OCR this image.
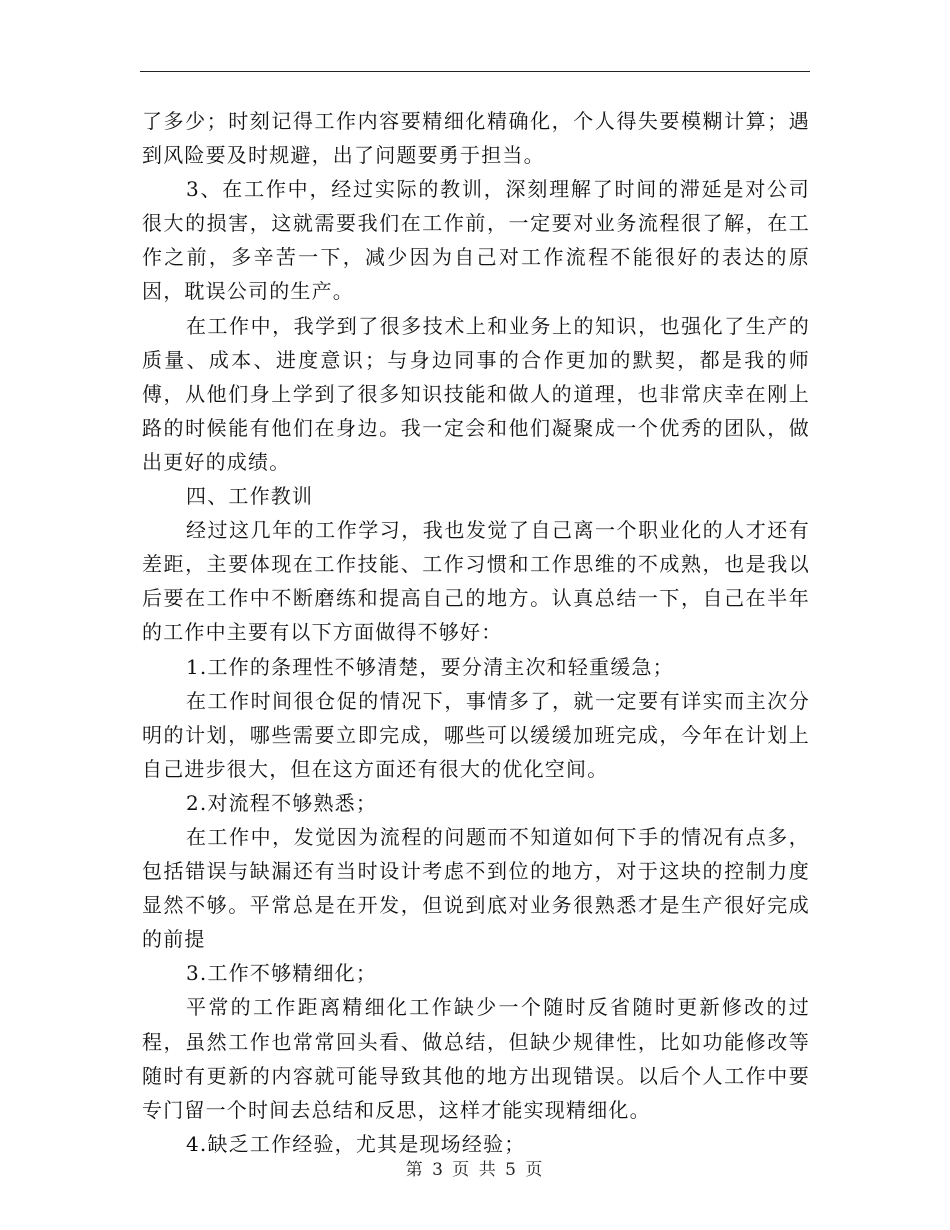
了多少；时刻记得工作内容要精细化精确化，个人得失要模糊计算；遇到风险要及时规避，出了问题要勇于担当。

3、在工作中，经过实际的教训，深刻理解了时间的滞延是对公司很大的损害，这就需要我们在工作前，一定要对业务流程很了解，在工作之前，多辛苦一下，减少因为自己对工作流程不能很好的表达的原因，耽误公司的生产。

在工作中，我学到了很多技术上和业务上的知识，也强化了生产的质量、成本、进度意识；与身边同事的合作更加的默契，都是我的师傅，从他们身上学到了很多知识技能和做人的道理，也非常庆幸在刚上路的时候能有他们在身边。我一定会和他们凝聚成一个优秀的团队，做出更好的成绩。

四、工作教训

经过这几年的工作学习，我也发觉了自己离一个职业化的人才还有差距，主要体现在工作技能、工作习惯和工作思维的不成熟，也是我以后要在工作中不断磨练和提高自己的地方。认真总结一下，自己在半年的工作中主要有以下方面做得不够好：

1.工作的条理性不够清楚，要分清主次和轻重缓急；

在工作时间很仓促的情况下，事情多了，就一定要有详实而主次分明的计划，哪些需要立即完成，哪些可以缓缓加班完成，今年在计划上自己进步很大，但在这方面还有很大的优化空间。

2.对流程不够熟悉；

在工作中，发觉因为流程的问题而不知道如何下手的情况有点多，包括错误与缺漏还有当时设计考虑不到位的地方，对于这块的控制力度显然不够。平常总是在开发，但说到底对业务很熟悉才是生产很好完成的前提

3.工作不够精细化；

平常的工作距离精细化工作缺少一个随时反省随时更新修改的过程，虽然工作也常常回头看、做总结，但缺少规律性，比如功能修改等随时有更新的内容就可能导致其他的地方出现错误。以后个人工作中要专门留一个时间去总结和反思，这样才能实现精细化。

4.缺乏工作经验，尤其是现场经验；

第 3 页 共 5 页
